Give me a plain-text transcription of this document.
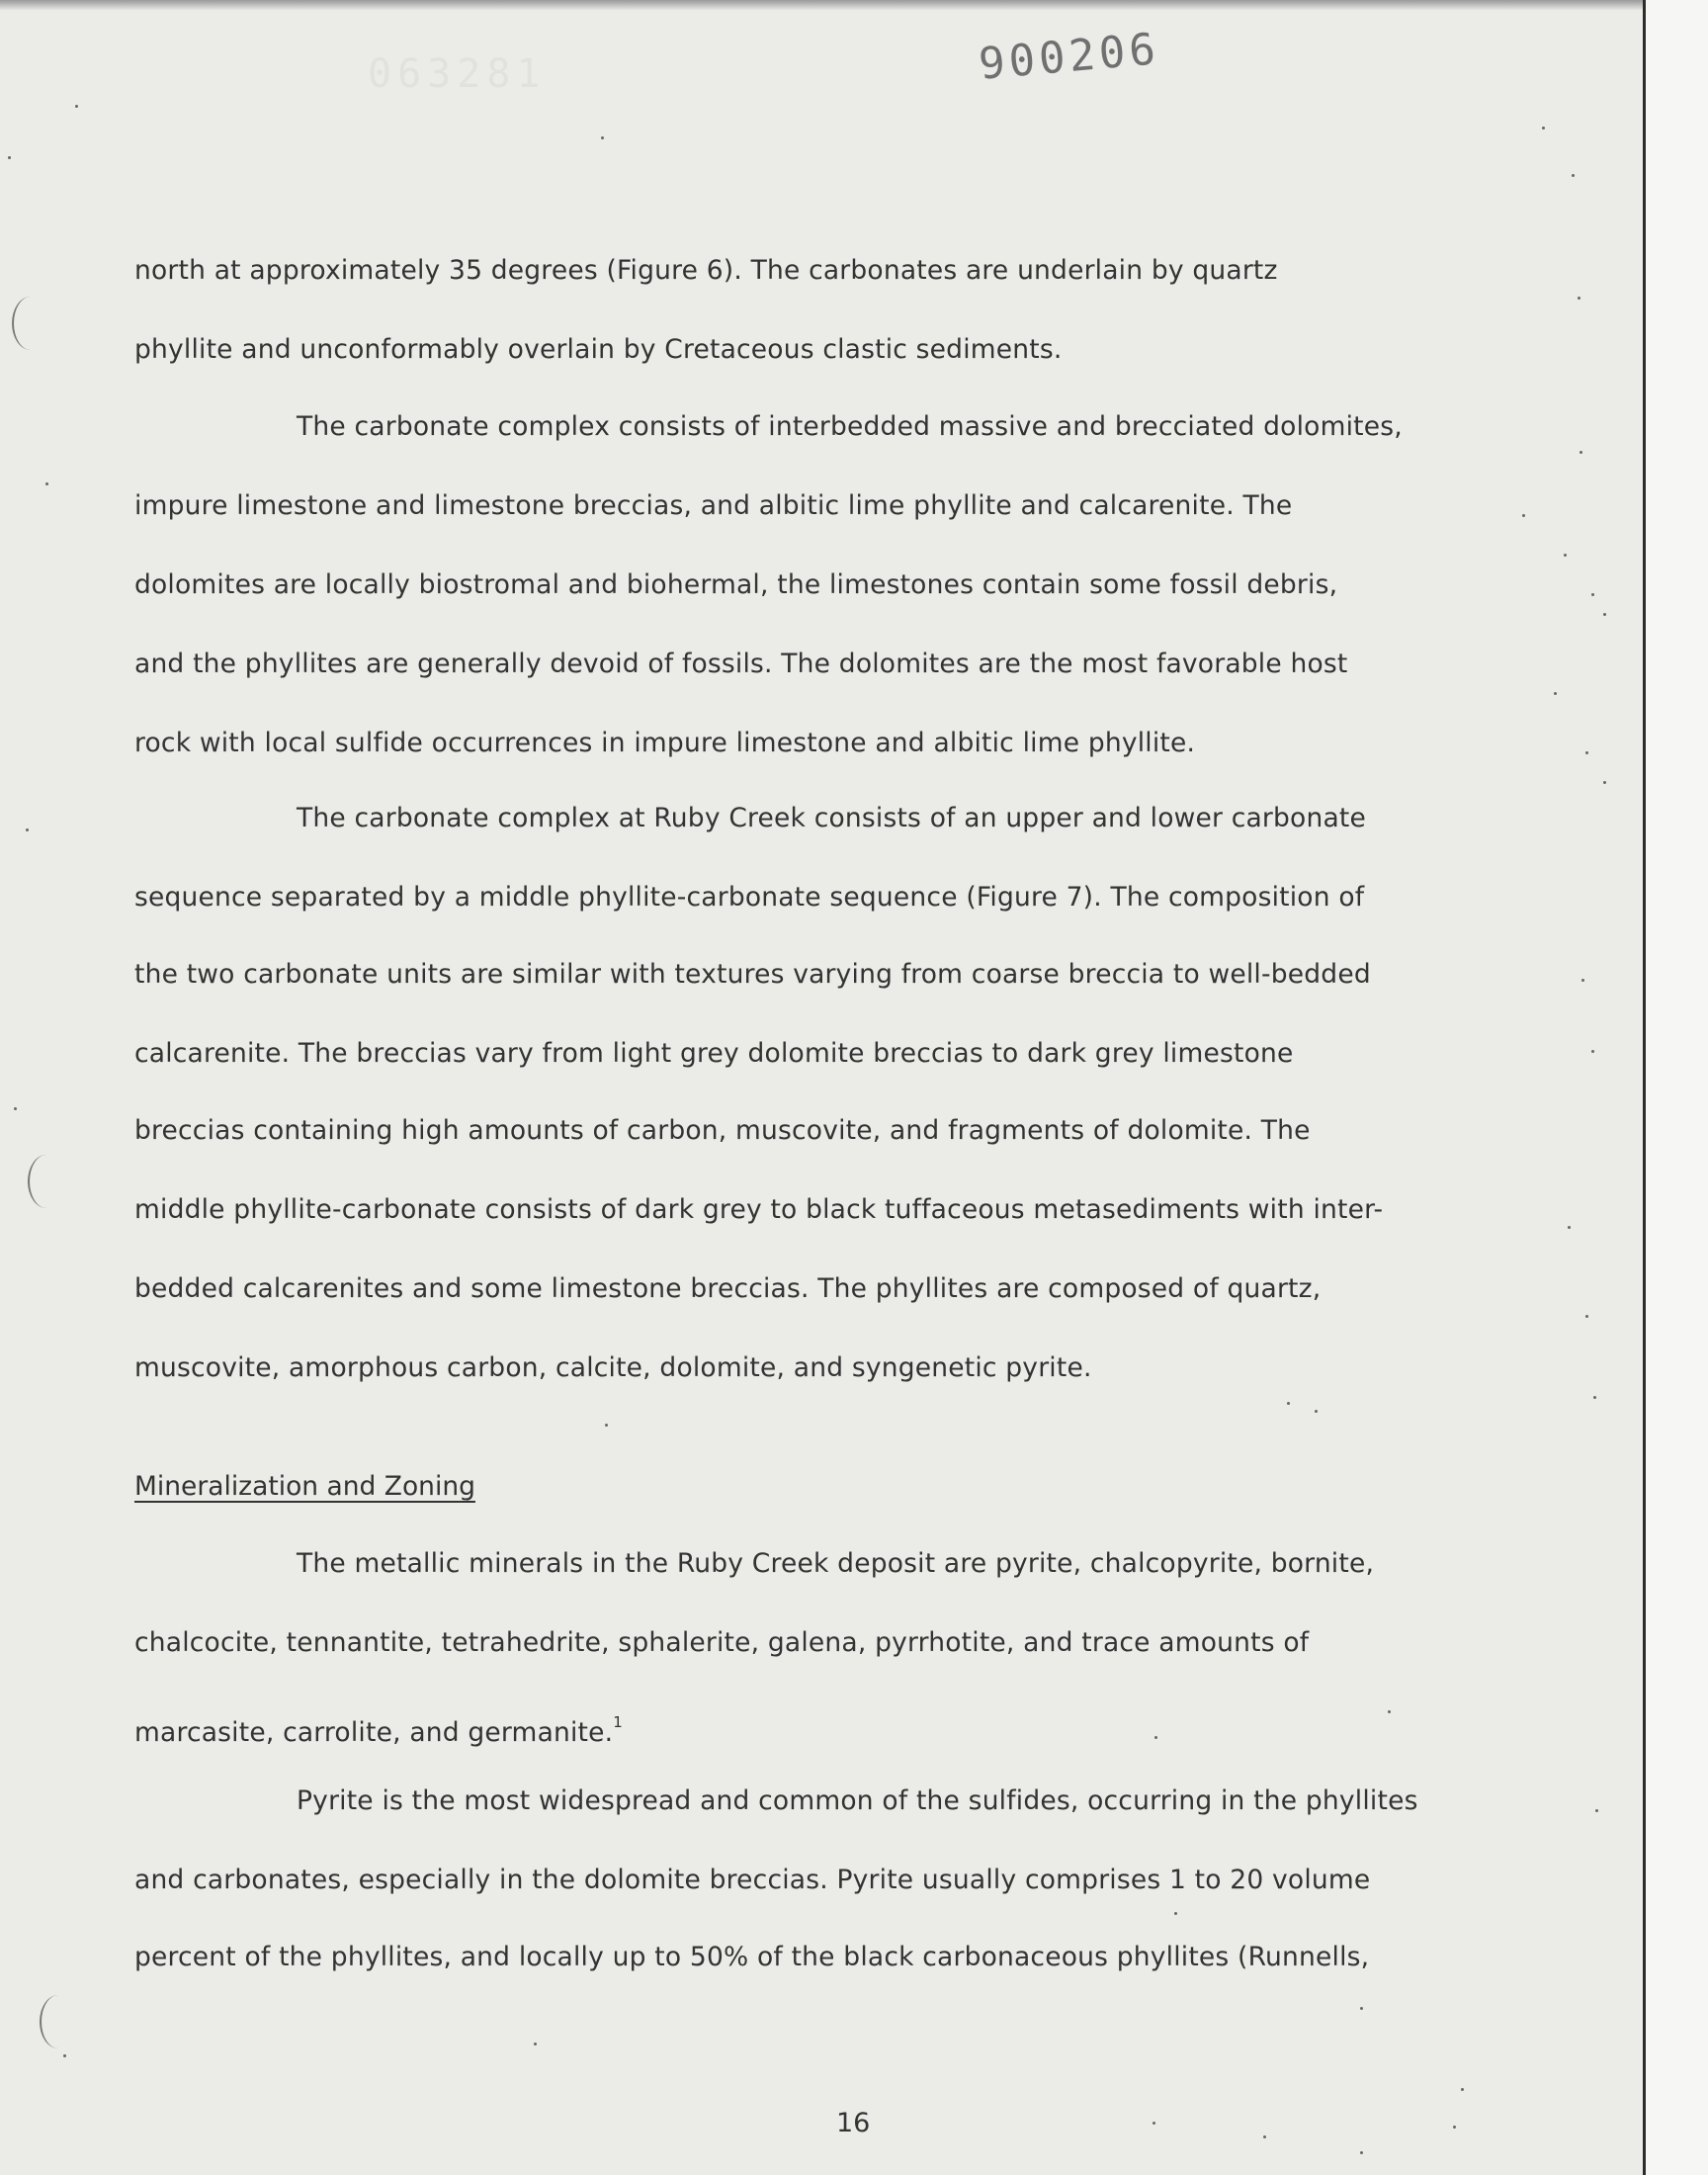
063281	900206
north at approximately 35 degrees (Figure 6). The carbonates are underlain by quartz
phyllite and unconformably overlain by Cretaceous clastic sediments.
The carbonate complex consists of interbedded massive and brecciated dolomites,
impure limestone and limestone breccias, and albitic lime phyllite and calcarenite. The
dolomites are locally biostromal and biohermal, the limestones contain some fossil debris,
and the phyllites are generally devoid of fossils. The dolomites are the most favorable host
rock with local sulfide occurrences in impure limestone and albitic lime phyllite.
The carbonate complex at Ruby Creek consists of an upper and lower carbonate
sequence separated by a middle phyllite-carbonate sequence (Figure 7). The composition of
the two carbonate units are similar with textures varying from coarse breccia to well-bedded
calcarenite. The breccias vary from light grey dolomite breccias to dark grey limestone
breccias containing high amounts of carbon, muscovite, and fragments of dolomite. The
middle phyllite-carbonate consists of dark grey to black tuffaceous metasediments with inter-
bedded calcarenites and some limestone breccias. The phyllites are composed of quartz,
muscovite, amorphous carbon, calcite, dolomite, and syngenetic pyrite.
Mineralization and Zoning
The metallic minerals in the Ruby Creek deposit are pyrite, chalcopyrite, bornite,
chalcocite, tennantite, tetrahedrite, sphalerite, galena, pyrrhotite, and trace amounts of
marcasite, carrolite, and germanite.$^1$
Pyrite is the most widespread and common of the sulfides, occurring in the phyllites
and carbonates, especially in the dolomite breccias. Pyrite usually comprises 1 to 20 volume
percent of the phyllites, and locally up to 50% of the black carbonaceous phyllites (Runnells,
16
